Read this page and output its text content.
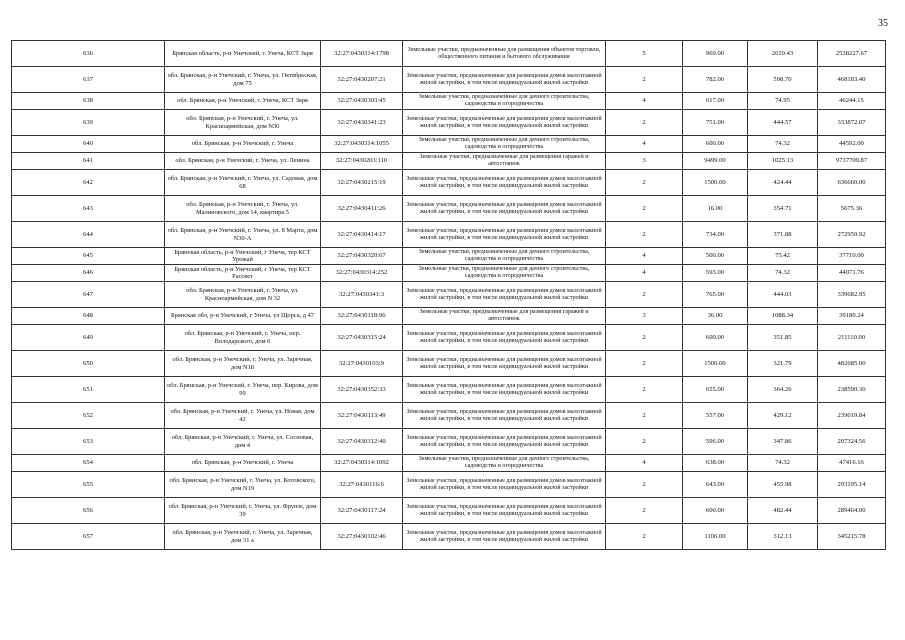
35
636	Брянская область, р-н Унечский, г. Унеча, КСТ Заря	32:27:0430314:1798	Земельные участки, предназначенные для размещения объектов торговли, общественного питания и бытового обслуживания	5	969.00	2619.43	2538227.67
637	обл. Брянская, р-н Унечский, г. Унеча, ул. Октябрьская, дом 75	32:27:0430207:21	Земельные участки, предназначенные для размещения домов малоэтажной жилой застройки, в том числе индивидуальной жилой застройки	2	782.00	598.70	468183.40
638	обл. Брянская, р-н Унечский, г. Унеча, КСТ Заря	32:27:0430303:45	Земельные участки, предназначенные для дачного строительства, садоводства и огородничества	4	617.00	74.95	46244.15
639	обл. Брянская, р-н Унечский, г. Унеча, ул. Красноармейская, дом N30	32:27:0430341:23	Земельные участки, предназначенные для размещения домов малоэтажной жилой застройки, в том числе индивидуальной жилой застройки	2	751.00	444.57	333872.07
640	обл. Брянская, р-н Унечский, г. Унеча	32:27:0430314:1055	Земельные участки, предназначенные для дачного строительства, садоводства и огородничества	4	600.00	74.32	44592.00
641	обл. Брянская, р-н Унечский, г. Унеча, ул. Ленина	32:27:0430203:110	Земельные участки, предназначенные для размещения гаражей и автостоянок	3	9499.00	1025.13	9737709.87
642	обл. Брянская, р-н Унечский, г. Унеча, ул. Садовая, дом 68	32:27:0430215:19	Земельные участки, предназначенные для размещения домов малоэтажной жилой застройки, в том числе индивидуальной жилой застройки	2	1500.00	424.44	636660.00
643	обл. Брянская, р-н Унечский, г. Унеча, ул. Малиновского, дом 14, квартира 5	32:27:0430411:26	Земельные участки, предназначенные для размещения домов малоэтажной жилой застройки, в том числе индивидуальной жилой застройки	2	16.00	354.71	5675.36
644	обл. Брянская, р-н Унечский, г. Унеча, ул. 8 Марта, дом N30-А	32:27:0430414:17	Земельные участки, предназначенные для размещения домов малоэтажной жилой застройки, в том числе индивидуальной жилой застройки	2	734.00	371.88	272959.92
645	Брянская область, р-н Унечский, г Унеча, тер КСТ Урожай	32:27:0430320:67	Земельные участки, предназначенные для дачного строительства, садоводства и огородничества	4	500.00	75.42	37710.00
646	Брянская область, р-н Унечский, г Унеча, тер КСТ Рассвет	32:27:0430314:252	Земельные участки, предназначенные для дачного строительства, садоводства и огородничества	4	593.00	74.32	44071.76
647	обл. Брянская, р-н Унечский, г. Унеча, ул. Красноармейская, дом N 32	32:27:0430341:3	Земельные участки, предназначенные для размещения домов малоэтажной жилой застройки, в том числе индивидуальной жилой застройки	2	765.00	444.03	339682.95
648	Брянская обл, р-н Унечский, г Унеча, ул Щорса, д 47	32:27:0430118:96	Земельные участки, предназначенные для размещения гаражей и автостоянок	3	36.00	1088.34	39180.24
649	обл. Брянская, р-н Унечский, г. Унеча, пер. Володарского, дом 6	32:27:0430315:24	Земельные участки, предназначенные для размещения домов малоэтажной жилой застройки, в том числе индивидуальной жилой застройки	2	600.00	351.85	211110.00
650	обл. Брянская, р-н Унечский, г. Унеча, ул. Заречная, дом N18	32:27:0430103:9	Земельные участки, предназначенные для размещения домов малоэтажной жилой застройки, в том числе индивидуальной жилой застройки	2	1500.00	321.79	482685.00
651	обл. Брянская, р-н Унечский, г. Унеча, пер. Кирова, дом 99	32:27:0430352:33	Земельные участки, предназначенные для размещения домов малоэтажной жилой застройки, в том числе индивидуальной жилой застройки	2	655.00	364.26	238590.30
652	обл. Брянская, р-н Унечский, г. Унеча, ул. Новая, дом 42	32:27:0430113:49	Земельные участки, предназначенные для размещения домов малоэтажной жилой застройки, в том числе индивидуальной жилой застройки	2	557.00	429.12	239019.84
653	обл. Брянская, р-н Унечский, г. Унеча, ул. Сосновая, дом 4	32:27:0430312:40	Земельные участки, предназначенные для размещения домов малоэтажной жилой застройки, в том числе индивидуальной жилой застройки	2	596.00	347.86	207324.56
654	обл. Брянская, р-н Унечский, г. Унеча	32:27:0430314:1092	Земельные участки, предназначенные для дачного строительства, садоводства и огородничества	4	638.00	74.32	47416.16
655	обл. Брянская, р-н Унечский, г. Унеча, ул. Котовского, дом N19	32:27:0430116:6	Земельные участки, предназначенные для размещения домов малоэтажной жилой застройки, в том числе индивидуальной жилой застройки	2	643.00	455.98	293195.14
656	обл. Брянская, р-н Унечский, г. Унеча, ул. Фрунзе, дом 39	32:27:0430117:24	Земельные участки, предназначенные для размещения домов малоэтажной жилой застройки, в том числе индивидуальной жилой застройки	2	600.00	482.44	289464.00
657	обл. Брянская, р-н Унечский, г. Унеча, ул. Заречная, дом 31 а	32:27:0430102:46	Земельные участки, предназначенные для размещения домов малоэтажной жилой застройки, в том числе индивидуальной жилой застройки	2	1106.00	312.13	345215.78
